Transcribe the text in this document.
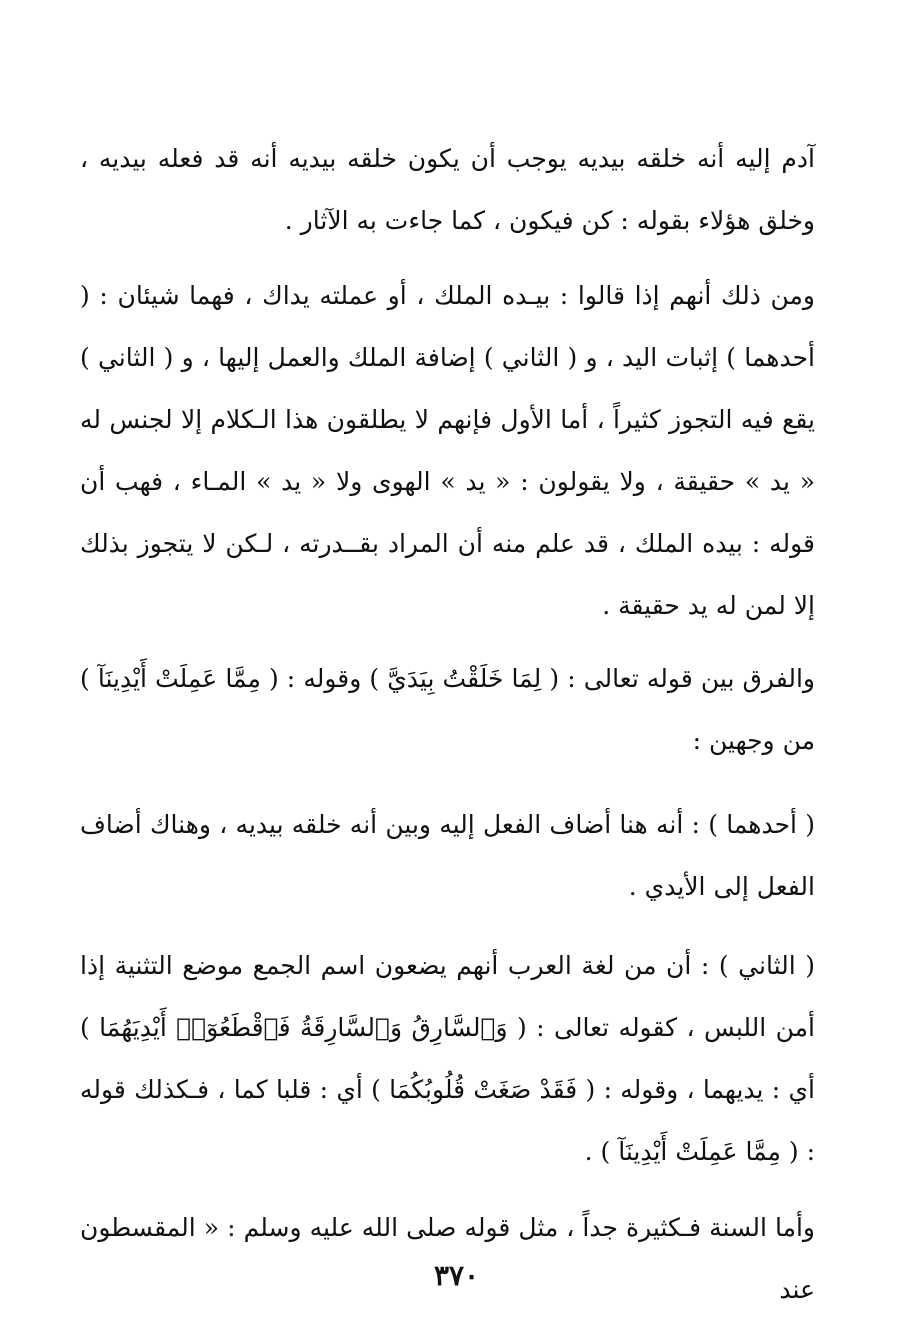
آدم إليه أنه خلقه بيديه يوجب أن يكون خلقه بيديه أنه قد فعله بيديه ، وخلق هؤلاء بقوله : كن فيكون ، كما جاءت به الآثار .

ومن ذلك أنهم إذا قالوا : بيـده الملك ، أو عملته يداك ، فهما شيئان : ( أحدهما ) إثبات اليد ، و ( الثاني ) إضافة الملك والعمل إليها ، و ( الثاني ) يقع فيه التجوز كثيراً ، أما الأول فإنهم لا يطلقون هذا الـكلام إلا لجنس له « يد » حقيقة ، ولا يقولون : « يد » الهوى ولا « يد » المـاء ، فهب أن قوله : بيده الملك ، قد علم منه أن المراد بقــدرته ، لـكن لا يتجوز بذلك إلا لمن له يد حقيقة .

والفرق بين قوله تعالى : ( لِمَا خَلَقْتُ بِيَدَيَّ ) وقوله : ( مِمَّا عَمِلَتْ أَيْدِينَآ ) من وجهين :

( أحدهما ) : أنه هنا أضاف الفعل إليه وبين أنه خلقه بيديه ، وهناك أضاف الفعل إلى الأيدي .

( الثاني ) : أن من لغة العرب أنهم يضعون اسم الجمع موضع التثنية إذا أمن اللبس ، كقوله تعالى : ( وَٱلسَّارِقُ وَٱلسَّارِقَةُ فَٱقْطَعُوٓا۟ أَيْدِيَهُمَا ) أي : يديهما ، وقوله : ( فَقَدْ صَغَتْ قُلُوبُكُمَا ) أي : قلبا كما ، فـكذلك قوله : ( مِمَّا عَمِلَتْ أَيْدِينَآ ) .

وأما السنة فـكثيرة جداً ، مثل قوله صلى الله عليه وسلم : « المقسطون عند

٣٧٠
